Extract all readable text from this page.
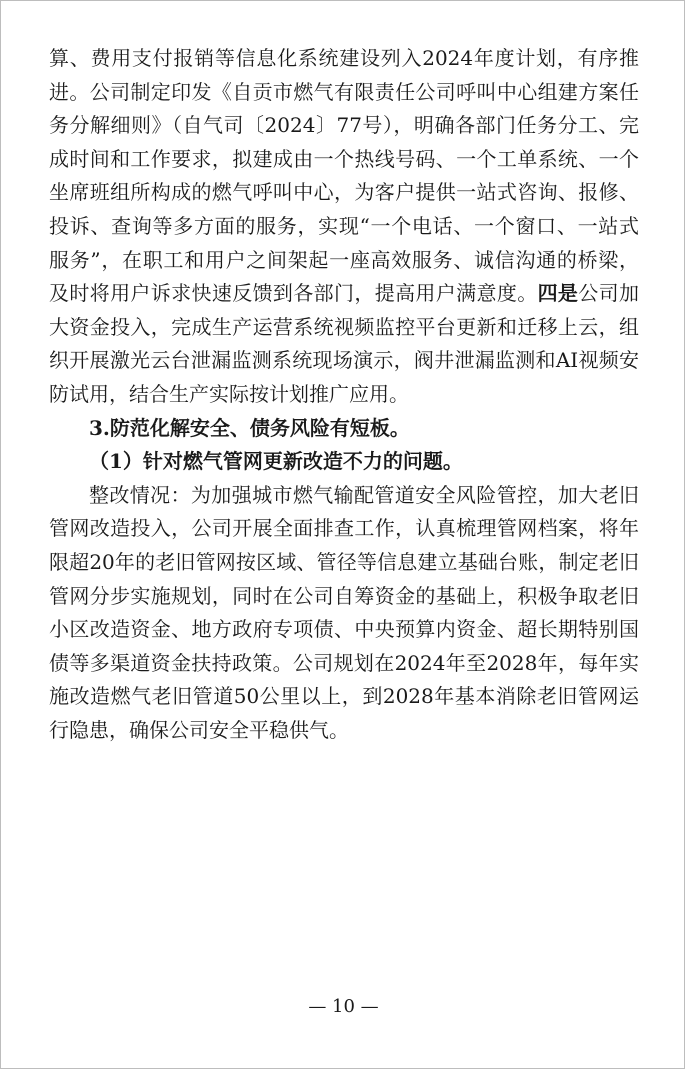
算、费用支付报销等信息化系统建设列入2024年度计划，有序推进。公司制定印发《自贡市燃气有限责任公司呼叫中心组建方案任务分解细则》（自气司〔2024〕77号），明确各部门任务分工、完成时间和工作要求，拟建成由一个热线号码、一个工单系统、一个坐席班组所构成的燃气呼叫中心，为客户提供一站式咨询、报修、投诉、查询等多方面的服务，实现“一个电话、一个窗口、一站式服务”，在职工和用户之间架起一座高效服务、诚信沟通的桥梁，及时将用户诉求快速反馈到各部门，提高用户满意度。四是公司加大资金投入，完成生产运营系统视频监控平台更新和迁移上云，组织开展激光云台泄漏监测系统现场演示，阀井泄漏监测和AI视频安防试用，结合生产实际按计划推广应用。

3.防范化解安全、债务风险有短板。

（1）针对燃气管网更新改造不力的问题。

整改情况：为加强城市燃气输配管道安全风险管控，加大老旧管网改造投入，公司开展全面排查工作，认真梳理管网档案，将年限超20年的老旧管网按区域、管径等信息建立基础台账，制定老旧管网分步实施规划，同时在公司自筹资金的基础上，积极争取老旧小区改造资金、地方政府专项债、中央预算内资金、超长期特别国债等多渠道资金扶持政策。公司规划在2024年至2028年，每年实施改造燃气老旧管道50公里以上，到2028年基本消除老旧管网运行隐患，确保公司安全平稳供气。

— 10 —
